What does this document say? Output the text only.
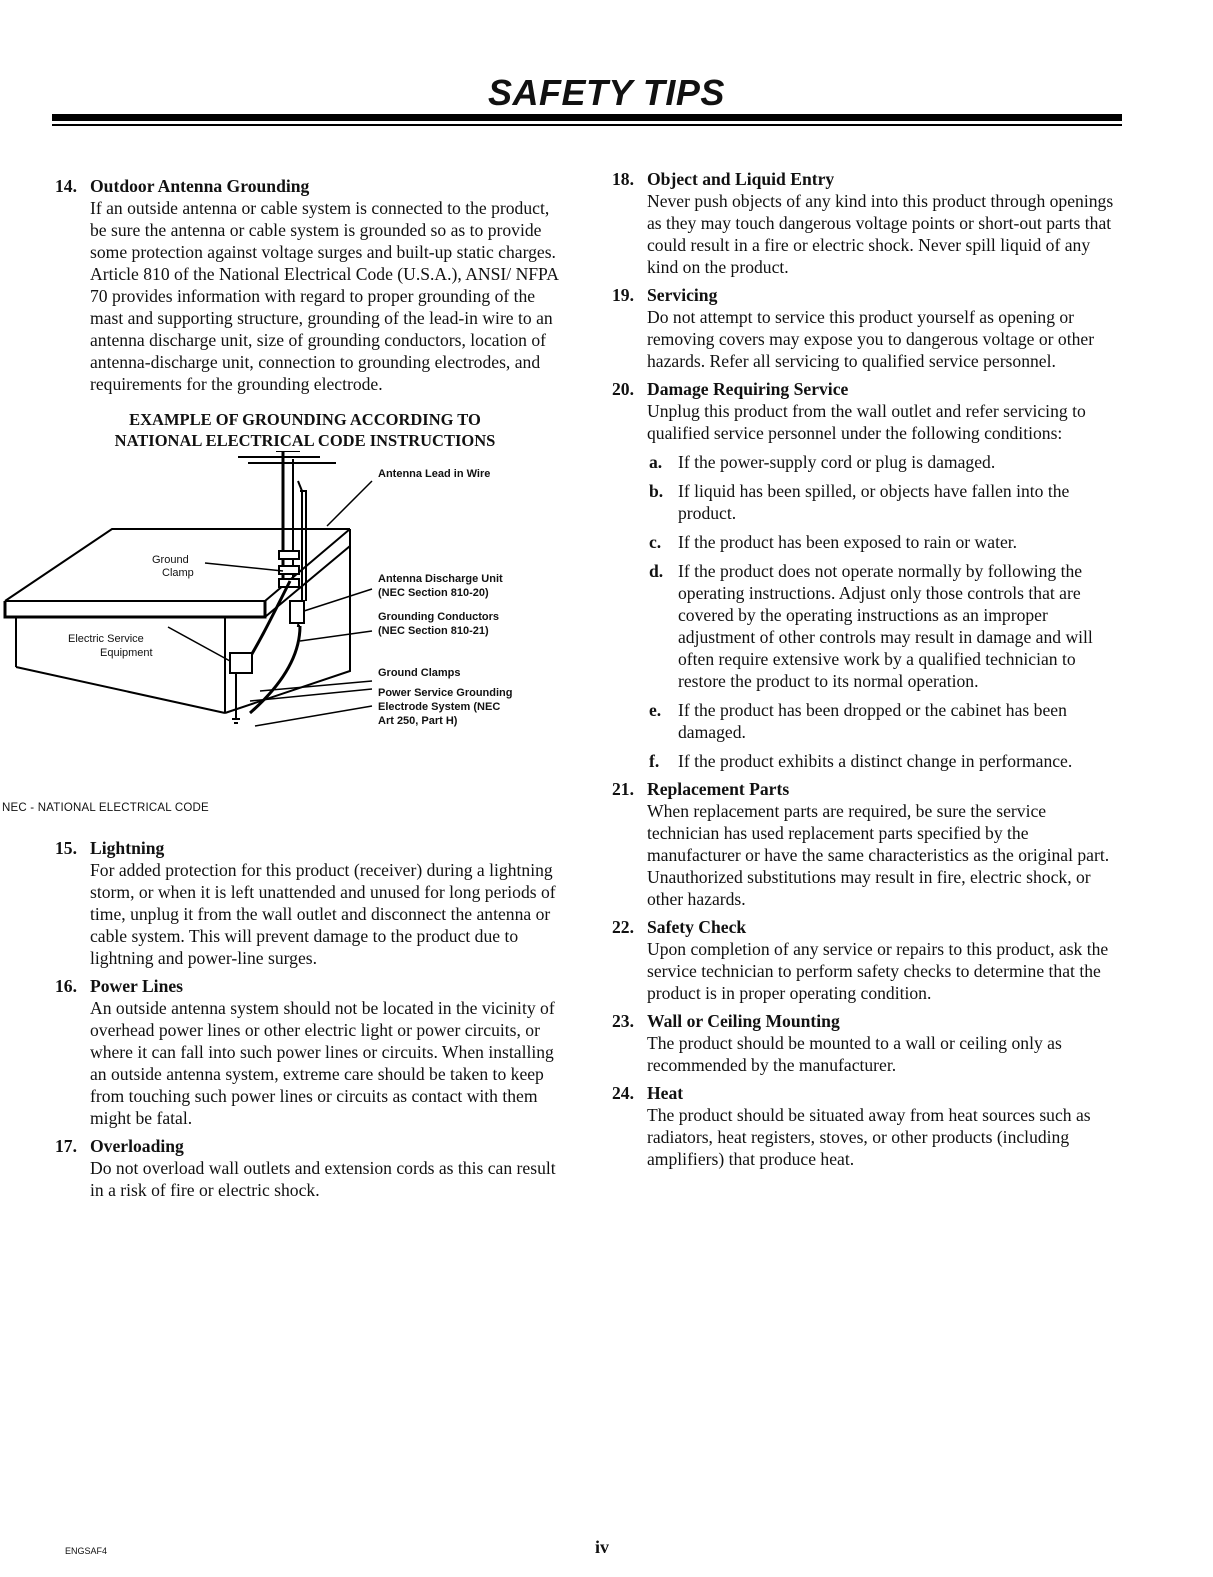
SAFETY TIPS
14. Outdoor Antenna Grounding
If an outside antenna or cable system is connected to the product, be sure the antenna or cable system is grounded so as to provide some protection against voltage surges and built-up static charges. Article 810 of the National Electrical Code (U.S.A.), ANSI/ NFPA 70 provides information with regard to proper grounding of the mast and supporting structure, grounding of the lead-in wire to an antenna discharge unit, size of grounding conductors, location of antenna-discharge unit, connection to grounding electrodes, and requirements for the grounding electrode.
EXAMPLE OF GROUNDING ACCORDING TO
NATIONAL ELECTRICAL CODE INSTRUCTIONS
Antenna Lead in Wire
Ground
Clamp	Antenna Discharge Unit
(NEC Section 810-20)
Grounding Conductors
(NEC Section 810-21)
Electric Service
Equipment
Ground Clamps
Power Service Grounding
Electrode System (NEC
Art 250, Part H)
NEC - NATIONAL ELECTRICAL CODE
15. Lightning
For added protection for this product (receiver) during a lightning storm, or when it is left unattended and unused for long periods of time, unplug it from the wall outlet and disconnect the antenna or cable system. This will prevent damage to the product due to lightning and power-line surges.
16. Power Lines
An outside antenna system should not be located in the vicinity of overhead power lines or other electric light or power circuits, or where it can fall into such power lines or circuits. When installing an outside antenna system, extreme care should be taken to keep from touching such power lines or circuits as contact with them might be fatal.
17. Overloading
Do not overload wall outlets and extension cords as this can result in a risk of fire or electric shock.
18. Object and Liquid Entry
Never push objects of any kind into this product through openings as they may touch dangerous voltage points or short-out parts that could result in a fire or electric shock. Never spill liquid of any kind on the product.
19. Servicing
Do not attempt to service this product yourself as opening or removing covers may expose you to dangerous voltage or other hazards. Refer all servicing to qualified service personnel.
20. Damage Requiring Service
Unplug this product from the wall outlet and refer servicing to qualified service personnel under the following conditions:
a. If the power-supply cord or plug is damaged.
b. If liquid has been spilled, or objects have fallen into the product.
c. If the product has been exposed to rain or water.
d. If the product does not operate normally by following the operating instructions. Adjust only those controls that are covered by the operating instructions as an improper adjustment of other controls may result in damage and will often require extensive work by a qualified technician to restore the product to its normal operation.
e. If the product has been dropped or the cabinet has been damaged.
f. If the product exhibits a distinct change in performance.
21. Replacement Parts
When replacement parts are required, be sure the service technician has used replacement parts specified by the manufacturer or have the same characteristics as the original part. Unauthorized substitutions may result in fire, electric shock, or other hazards.
22. Safety Check
Upon completion of any service or repairs to this product, ask the service technician to perform safety checks to determine that the product is in proper operating condition.
23. Wall or Ceiling Mounting
The product should be mounted to a wall or ceiling only as recommended by the manufacturer.
24. Heat
The product should be situated away from heat sources such as radiators, heat registers, stoves, or other products (including amplifiers) that produce heat.
ENGSAF4	iv
